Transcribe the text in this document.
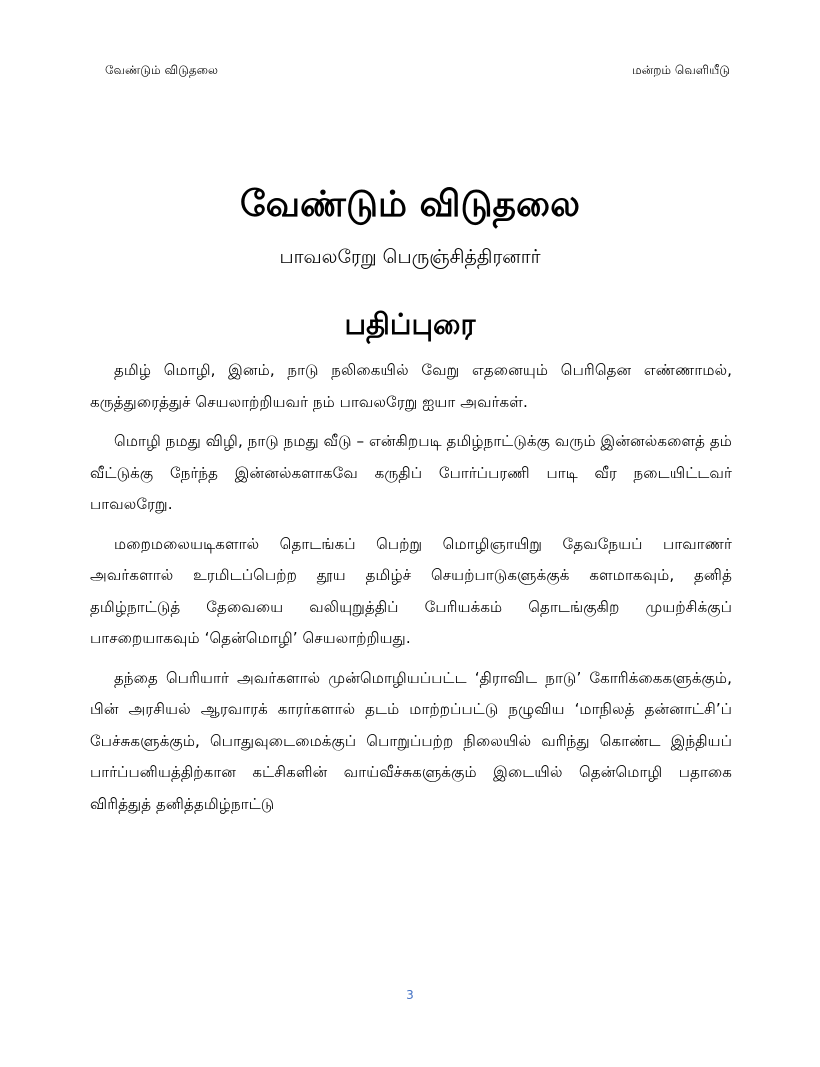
வேண்டும் விடுதலை	மன்றம் வெளியீடு
வேண்டும் விடுதலை
பாவலரேறு பெருஞ்சித்திரனார்
பதிப்புரை

தமிழ் மொழி, இனம், நாடு நலிகையில் வேறு எதனையும் பெரிதென எண்ணாமல், கருத்துரைத்துச் செயலாற்றியவர் நம் பாவலரேறு ஐயா அவர்கள்.

மொழி நமது விழி, நாடு நமது வீடு – என்கிறபடி தமிழ்நாட்டுக்கு வரும் இன்னல்களைத் தம் வீட்டுக்கு நேர்ந்த இன்னல்களாகவே கருதிப் போர்ப்பரணி பாடி வீர நடையிட்டவர் பாவலரேறு.

மறைமலையடிகளால் தொடங்கப் பெற்று மொழிஞாயிறு தேவநேயப் பாவாணர் அவர்களால் உரமிடப்பெற்ற தூய தமிழ்ச் செயற்பாடுகளுக்குக் களமாகவும், தனித் தமிழ்நாட்டுத் தேவையை வலியுறுத்திப் பேரியக்கம் தொடங்குகிற முயற்சிக்குப் பாசறையாகவும் ‘தென்மொழி’ செயலாற்றியது.

தந்தை பெரியார் அவர்களால் முன்மொழியப்பட்ட ‘திராவிட நாடு’ கோரிக்கைகளுக்கும், பின் அரசியல் ஆரவாரக் காரர்களால் தடம் மாற்றப்பட்டு நழுவிய ‘மாநிலத் தன்னாட்சி’ப் பேச்சுகளுக்கும், பொதுவுடைமைக்குப் பொறுப்பற்ற நிலையில் வரிந்து கொண்ட இந்தியப் பார்ப்பனியத்திற்கான கட்சிகளின் வாய்வீச்சுகளுக்கும் இடையில் தென்மொழி பதாகை விரித்துத் தனித்தமிழ்நாட்டு

3
